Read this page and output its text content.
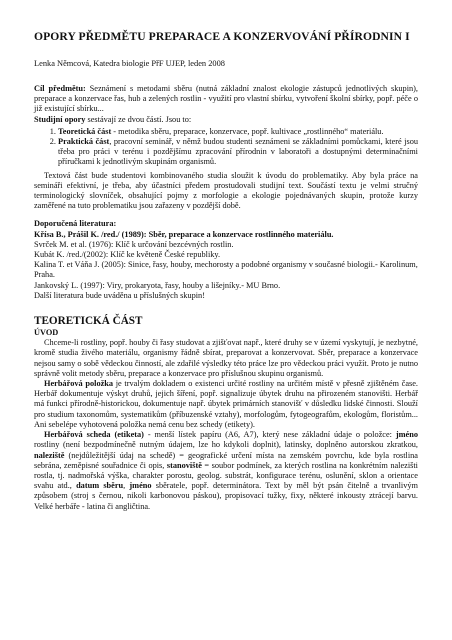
OPORY PŘEDMĚTU PREPARACE A KONZERVOVÁNÍ PŘÍRODNIN I
Lenka Němcová, Katedra biologie PřF UJEP, leden 2008

Cíl předmětu: Seznámení s metodami sběru (nutná základní znalost ekologie zástupců jednotlivých skupin), preparace a konzervace řas, hub a zelených rostlin - využití pro vlastní sbírku, vytvoření školní sbírky, popř. péče o již existující sbírku...

Studijní opory sestávají ze dvou částí. Jsou to:

1. Teoretická část - metodika sběru, preparace, konzervace, popř. kultivace „rostlinného“ materiálu.
2. Praktická část, pracovní seminář, v němž budou studenti seznámeni se základními pomůckami, které jsou třeba pro práci v terénu i pozdějšímu zpracování přírodnin v laboratoři a dostupnými determinačními příručkami k jednotlivým skupinám organismů.

Textová část bude studentovi kombinovaného studia sloužit k úvodu do problematiky. Aby byla práce na semináři efektivní, je třeba, aby účastníci předem prostudovali studijní text. Součástí textu je velmi stručný terminologický slovníček, obsahující pojmy z morfologie a ekologie pojednávaných skupin, protože kurzy zaměřené na tuto problematiku jsou zařazeny v pozdější době.

Doporučená literatura:
Křísa B., Prášil K. /red./ (1989): Sběr, preparace a konzervace rostlinného materiálu.
Svrček M. et al. (1976): Klíč k určování bezcévných rostlin.
Kubát K. /red./(2002): Klíč ke květeně České republiky.
Kalina T. et Váňa J. (2005): Sinice, řasy, houby, mechorosty a podobné organismy v současné biologii.- Karolinum, Praha.
Jankovský L. (1997): Viry, prokaryota, řasy, houby a lišejníky.- MU Brno.
Další literatura bude uváděna u příslušných skupin!
TEORETICKÁ ČÁST
ÚVOD

Chceme-li rostliny, popř. houby či řasy studovat a zjišťovat např., které druhy se v území vyskytují, je nezbytné, kromě studia živého materiálu, organismy řádně sbírat, preparovat a konzervovat. Sběr, preparace a konzervace nejsou samy o sobě vědeckou činností, ale zdařilé výsledky této práce lze pro vědeckou práci využít. Proto je nutno správně volit metody sběru, preparace a konzervace pro příslušnou skupinu organismů.

Herbářová položka je trvalým dokladem o existenci určité rostliny na určitém místě v přesně zjištěném čase. Herbář dokumentuje výskyt druhů, jejich šíření, popř. signalizuje úbytek druhu na přirozeném stanovišti. Herbář má funkci přírodně-historickou, dokumentuje např. úbytek primárních stanovišť v důsledku lidské činnosti. Slouží pro studium taxonomům, systematikům (příbuzenské vztahy), morfologům, fytogeografům, ekologům, floristům... Ani sebelépe vyhotovená položka nemá cenu bez schedy (etikety).

Herbářová scheda (etiketa) - menší lístek papíru (A6, A7), který nese základní údaje o položce: jméno rostliny (není bezpodmínečně nutným údajem, lze ho kdykoli doplnit), latinsky, doplněno autorskou zkratkou, naleziště (nejdůležitější údaj na schedě) = geografické určení místa na zemském povrchu, kde byla rostlina sebrána, zeměpisné souřadnice či opis, stanoviště = soubor podmínek, za kterých rostlina na konkrétním nalezišti rostla, tj. nadmořská výška, charakter porostu, geolog. substrát, konfigurace terénu, oslunění, sklon a orientace svahu atd., datum sběru, jméno sběratele, popř. determinátora. Text by měl být psán čitelně a trvanlivým způsobem (stroj s černou, nikoli karbonovou páskou), propisovací tužky, fixy, některé inkousty ztrácejí barvu. Velké herbáře - latina či angličtina.
